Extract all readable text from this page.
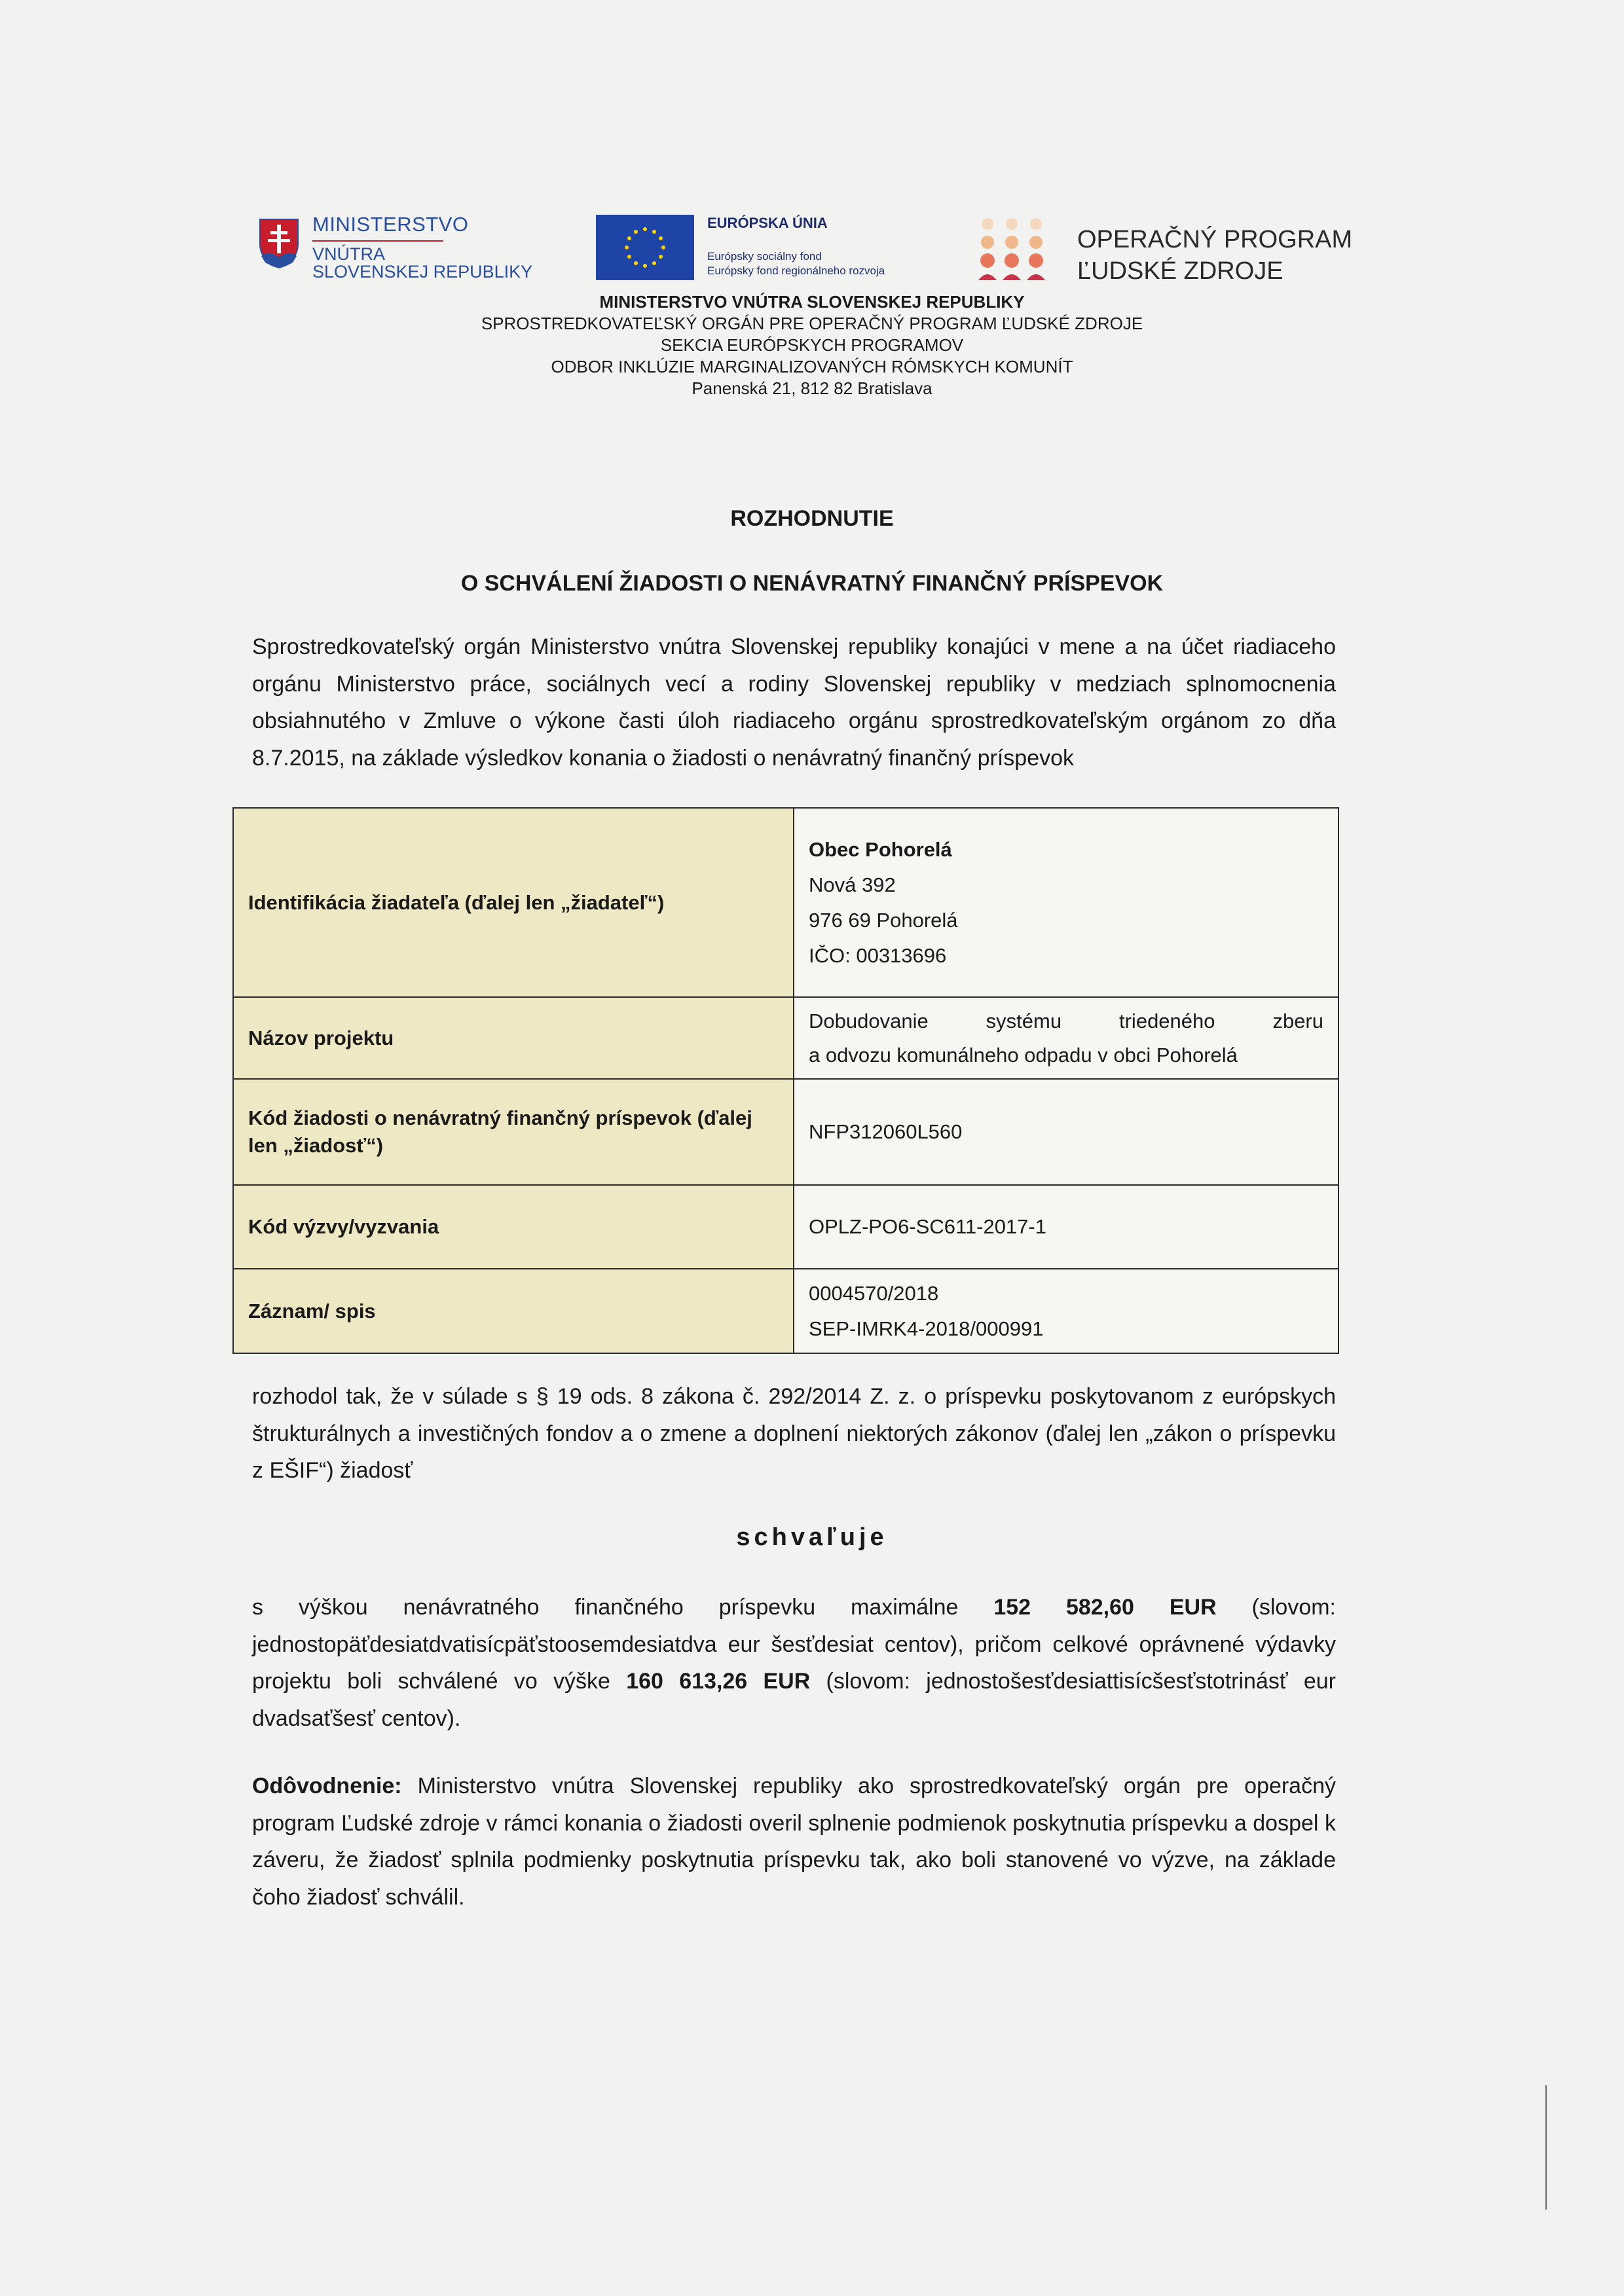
MINISTERSTVO
VNÚTRA
SLOVENSKEJ REPUBLIKY
EURÓPSKA ÚNIA
Európsky sociálny fond
Európsky fond regionálneho rozvoja
OPERAČNÝ PROGRAM
ĽUDSKÉ ZDROJE
MINISTERSTVO VNÚTRA SLOVENSKEJ REPUBLIKY
SPROSTREDKOVATEĽSKÝ ORGÁN PRE OPERAČNÝ PROGRAM ĽUDSKÉ ZDROJE
SEKCIA EURÓPSKYCH PROGRAMOV
ODBOR INKLÚZIE MARGINALIZOVANÝCH RÓMSKYCH KOMUNÍT
Panenská 21, 812 82 Bratislava
ROZHODNUTIE
O SCHVÁLENÍ ŽIADOSTI O NENÁVRATNÝ FINANČNÝ PRÍSPEVOK
Sprostredkovateľský orgán Ministerstvo vnútra Slovenskej republiky konajúci v mene a na účet riadiaceho orgánu Ministerstvo práce, sociálnych vecí a rodiny Slovenskej republiky v medziach splnomocnenia obsiahnutého v Zmluve o výkone časti úloh riadiaceho orgánu sprostredkovateľským orgánom zo dňa 8.7.2015, na základe výsledkov konania o žiadosti o nenávratný finančný príspevok
Identifikácia žiadateľa (ďalej len „žiadateľ“)	Obec Pohorelá
Nová 392
976 69 Pohorelá
IČO: 00313696

Názov projektu	Dobudovanie systému triedeného zberu
a odvozu komunálneho odpadu v obci Pohorelá

Kód žiadosti o nenávratný finančný príspevok (ďalej
len „žiadosť“)	NFP312060L560
Kód výzvy/vyzvania	OPLZ-PO6-SC611-2017-1
Záznam/ spis	0004570/2018
SEP-IMRK4-2018/000991
rozhodol tak, že v súlade s § 19 ods. 8 zákona č. 292/2014 Z. z. o príspevku poskytovanom z európskych štrukturálnych a investičných fondov a o zmene a doplnení niektorých zákonov (ďalej len „zákon o príspevku z EŠIF“) žiadosť
schvaľuje
s výškou nenávratného finančného príspevku maximálne 152 582,60 EUR (slovom: jednostopäťdesiatdvatisícpäťstoosemdesiatdva eur šesťdesiat centov), pričom celkové oprávnené výdavky projektu boli schválené vo výške 160 613,26 EUR (slovom: jednostošesťdesiattisícšesťstotrinásť eur dvadsaťšesť centov).
Odôvodnenie: Ministerstvo vnútra Slovenskej republiky ako sprostredkovateľský orgán pre operačný program Ľudské zdroje v rámci konania o žiadosti overil splnenie podmienok poskytnutia príspevku a dospel k záveru, že žiadosť splnila podmienky poskytnutia príspevku tak, ako boli stanovené vo výzve, na základe čoho žiadosť schválil.
